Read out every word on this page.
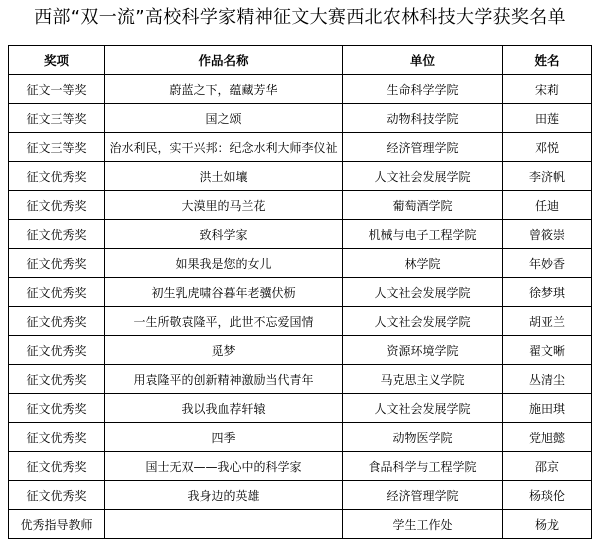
西部“双一流”高校科学家精神征文大赛西北农林科技大学获奖名单
奖项	作品名称	单位	姓名
征文一等奖	蔚蓝之下，蕴藏芳华	生命科学学院	宋莉
征文三等奖	国之颂	动物科技学院	田莲
征文三等奖	治水利民，实干兴邦：纪念水利大师李仪祉	经济管理学院	邓悦
征文优秀奖	洪土如壤	人文社会发展学院	李济帆
征文优秀奖	大漠里的马兰花	葡萄酒学院	任迪
征文优秀奖	致科学家	机械与电子工程学院	曾筱崇
征文优秀奖	如果我是您的女儿	林学院	年妙香
征文优秀奖	初生乳虎啸谷暮年老骥伏枥	人文社会发展学院	徐梦琪
征文优秀奖	一生所敬袁隆平，此世不忘爱国情	人文社会发展学院	胡亚兰
征文优秀奖	觅梦	资源环境学院	翟文晰
征文优秀奖	用袁隆平的创新精神激励当代青年	马克思主义学院	丛清尘
征文优秀奖	我以我血荐轩辕	人文社会发展学院	施田琪
征文优秀奖	四季	动物医学院	党旭懿
征文优秀奖	国士无双——我心中的科学家	食品科学与工程学院	邵京
征文优秀奖	我身边的英雄	经济管理学院	杨琰伦
优秀指导教师		学生工作处	杨龙
